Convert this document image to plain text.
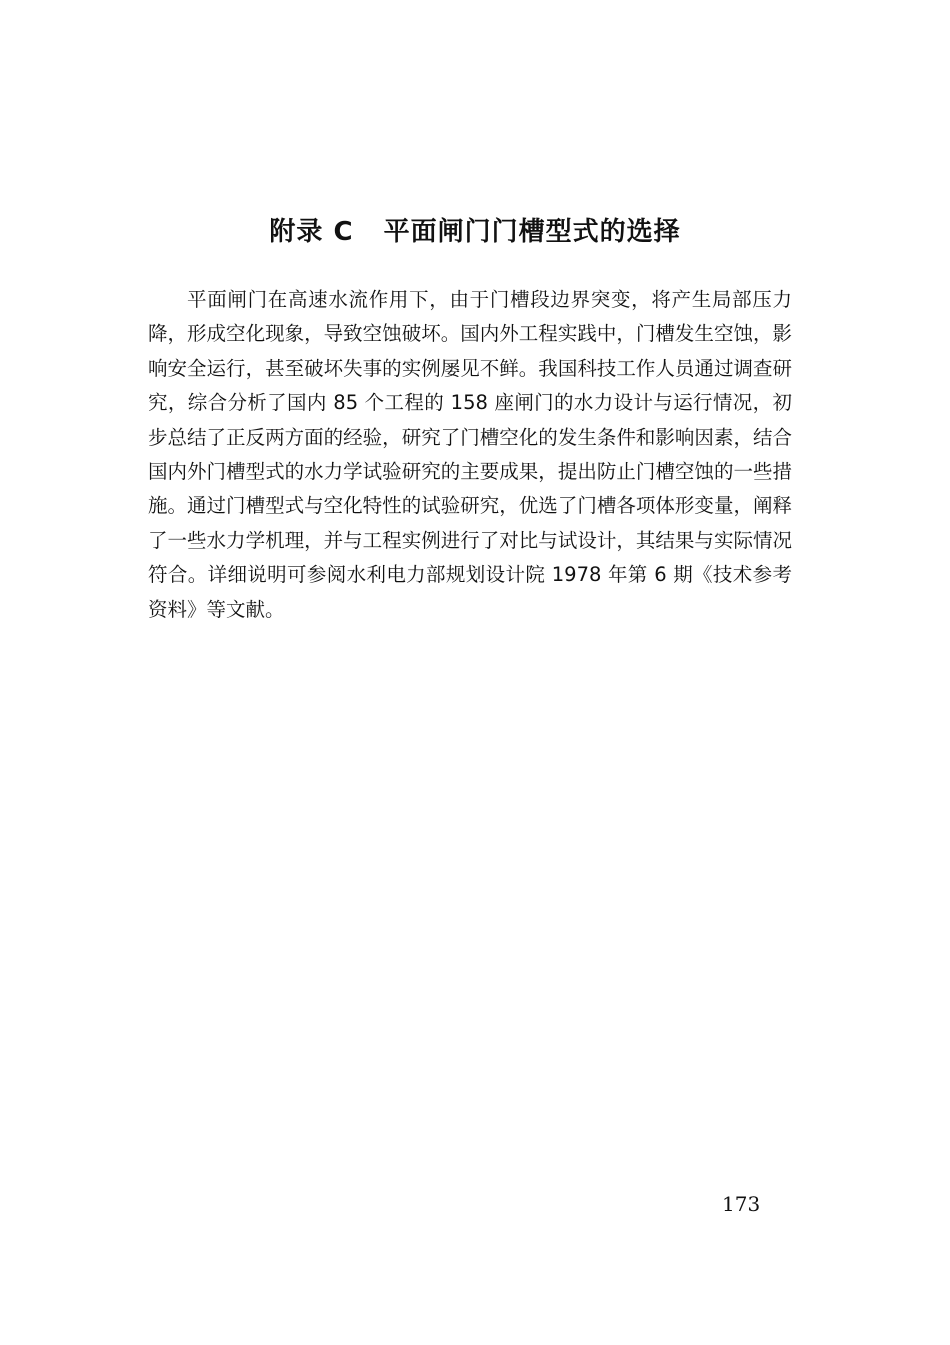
附录 C 平面闸门门槽型式的选择

平面闸门在高速水流作用下，由于门槽段边界突变，将产生局部压力降，形成空化现象，导致空蚀破坏。国内外工程实践中，门槽发生空蚀，影响安全运行，甚至破坏失事的实例屡见不鲜。我国科技工作人员通过调查研究，综合分析了国内 85 个工程的 158 座闸门的水力设计与运行情况，初步总结了正反两方面的经验，研究了门槽空化的发生条件和影响因素，结合国内外门槽型式的水力学试验研究的主要成果，提出防止门槽空蚀的一些措施。通过门槽型式与空化特性的试验研究，优选了门槽各项体形变量，阐释了一些水力学机理，并与工程实例进行了对比与试设计，其结果与实际情况符合。详细说明可参阅水利电力部规划设计院 1978 年第 6 期《技术参考资料》等文献。

173
